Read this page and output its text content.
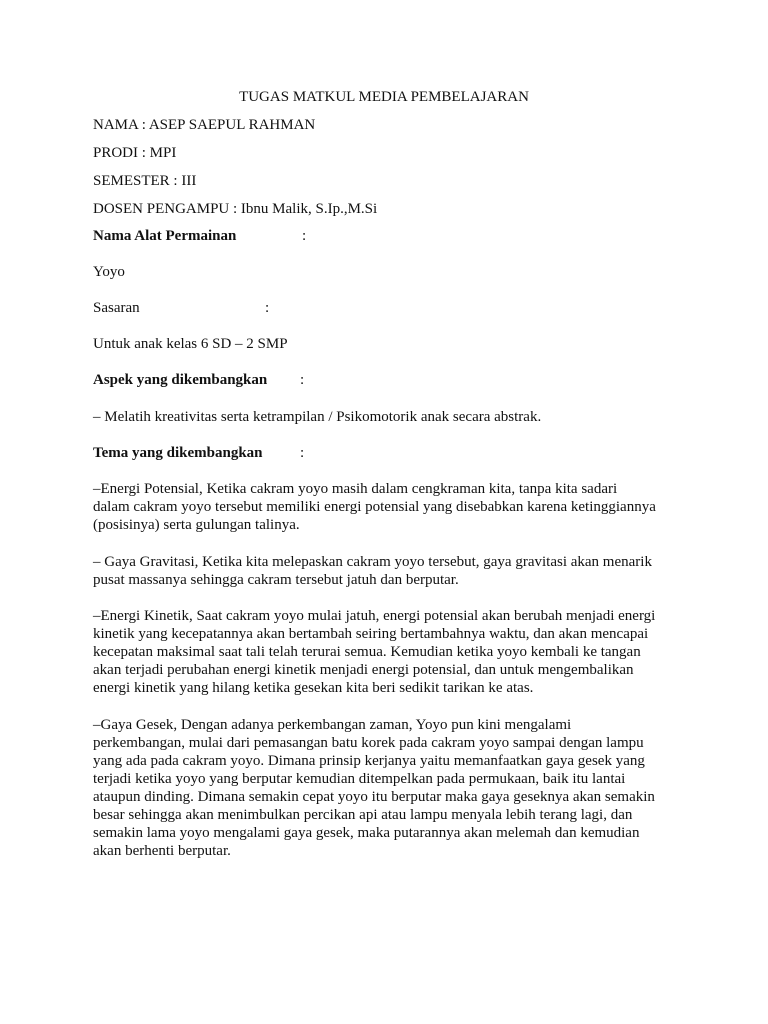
TUGAS MATKUL MEDIA PEMBELAJARAN
NAMA : ASEP SAEPUL RAHMAN
PRODI : MPI
SEMESTER : III
DOSEN PENGAMPU : Ibnu Malik, S.Ip.,M.Si
Nama Alat Permainan	:
Yoyo
Sasaran	:
Untuk anak kelas 6 SD – 2 SMP
Aspek yang dikembangkan :
– Melatih kreativitas serta ketrampilan / Psikomotorik anak secara abstrak.
Tema yang dikembangkan	:
–Energi Potensial, Ketika cakram yoyo masih dalam cengkraman kita, tanpa kita sadari
dalam cakram yoyo tersebut memiliki energi potensial yang disebabkan karena ketinggiannya
(posisinya) serta gulungan talinya.
– Gaya Gravitasi, Ketika kita melepaskan cakram yoyo tersebut, gaya gravitasi akan menarik
pusat massanya sehingga cakram tersebut jatuh dan berputar.
–Energi Kinetik, Saat cakram yoyo mulai jatuh, energi potensial akan berubah menjadi energi
kinetik yang kecepatannya akan bertambah seiring bertambahnya waktu, dan akan mencapai
kecepatan maksimal saat tali telah terurai semua. Kemudian ketika yoyo kembali ke tangan
akan terjadi perubahan energi kinetik menjadi energi potensial, dan untuk mengembalikan
energi kinetik yang hilang ketika gesekan kita beri sedikit tarikan ke atas.
–Gaya Gesek, Dengan adanya perkembangan zaman, Yoyo pun kini mengalami
perkembangan, mulai dari pemasangan batu korek pada cakram yoyo sampai dengan lampu
yang ada pada cakram yoyo. Dimana prinsip kerjanya yaitu memanfaatkan gaya gesek yang
terjadi ketika yoyo yang berputar kemudian ditempelkan pada permukaan, baik itu lantai
ataupun dinding. Dimana semakin cepat yoyo itu berputar maka gaya geseknya akan semakin
besar sehingga akan menimbulkan percikan api atau lampu menyala lebih terang lagi, dan
semakin lama yoyo mengalami gaya gesek, maka putarannya akan melemah dan kemudian
akan berhenti berputar.
